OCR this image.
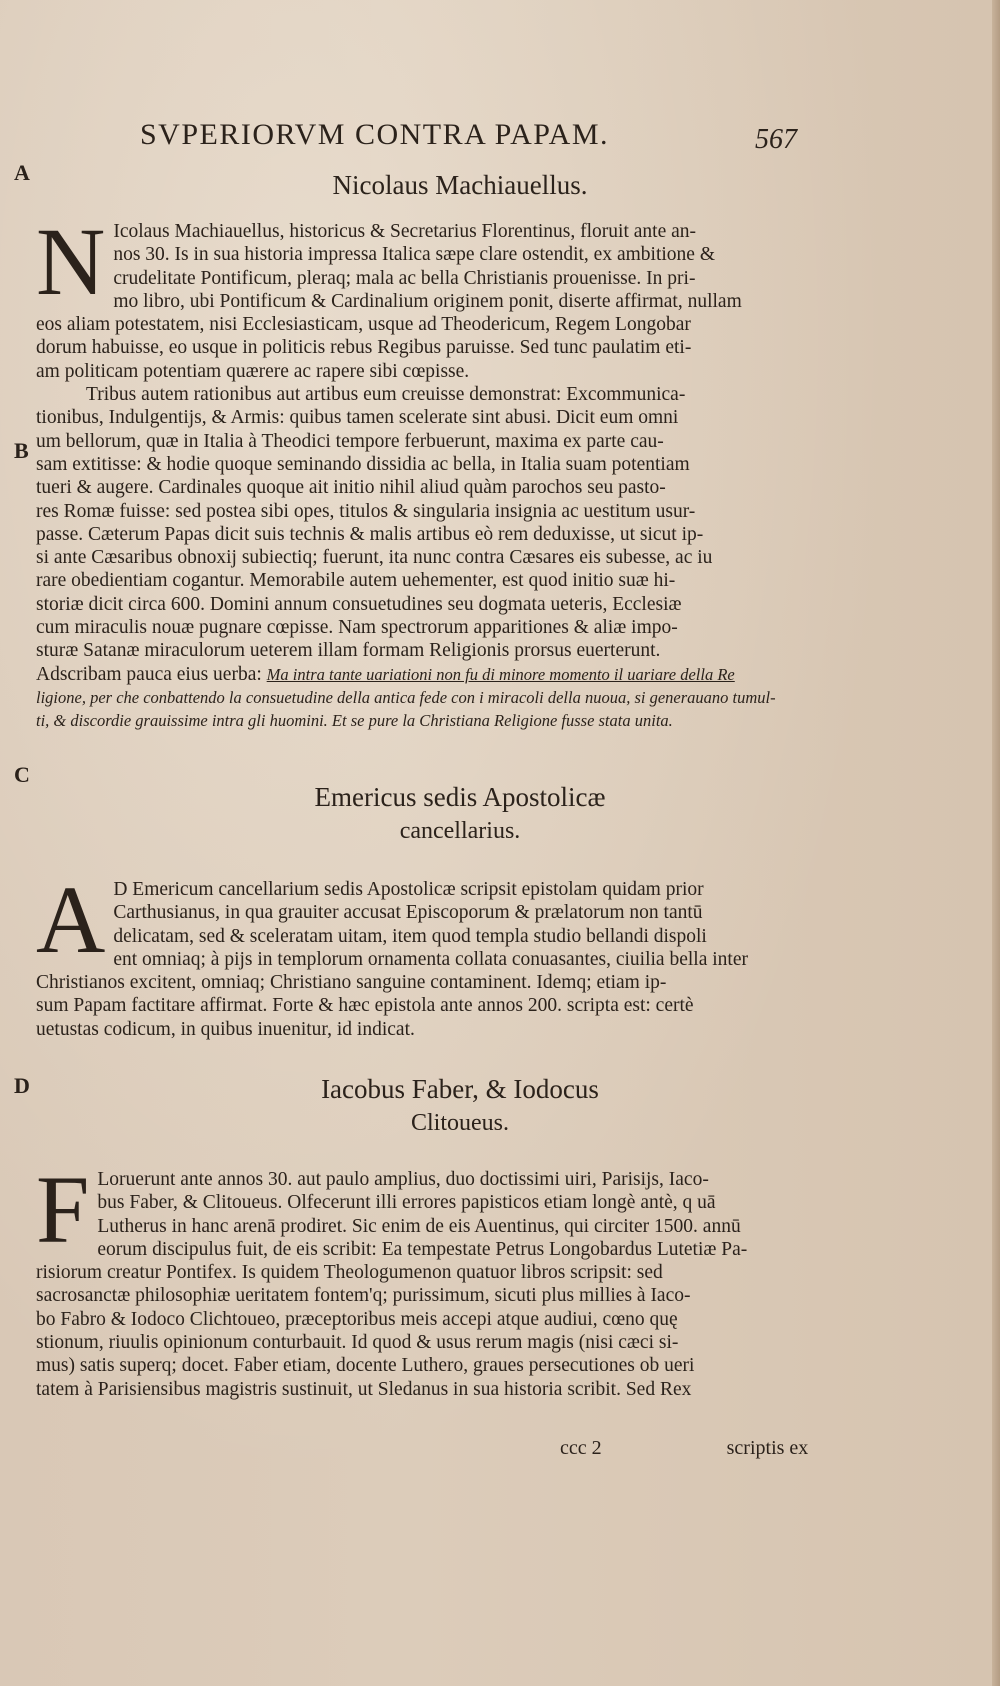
SVPERIORVM CONTRA PAPAM.	567
A
B
C
D
Nicolaus Machiauellus.
N Icolaus Machiauellus, historicus & Secretarius Florentinus, floruit ante an-
nos 30. Is in sua historia impressa Italica sæpe clare ostendit, ex ambitione &
crudelitate Pontificum, pleraq; mala ac bella Christianis prouenisse. In pri-
mo libro, ubi Pontificum & Cardinalium originem ponit, diserte affirmat, nullam
eos aliam potestatem, nisi Ecclesiasticam, usque ad Theodericum, Regem Longobar
dorum habuisse, eo usque in politicis rebus Regibus paruisse. Sed tunc paulatim eti-
am politicam potentiam quærere ac rapere sibi cœpisse.
Tribus autem rationibus aut artibus eum creuisse demonstrat: Excommunica-
tionibus, Indulgentijs, & Armis: quibus tamen scelerate sint abusi. Dicit eum omni
um bellorum, quæ in Italia à Theodici tempore ferbuerunt, maxima ex parte cau-
sam extitisse: & hodie quoque seminando dissidia ac bella, in Italia suam potentiam
tueri & augere. Cardinales quoque ait initio nihil aliud quàm parochos seu pasto-
res Romæ fuisse: sed postea sibi opes, titulos & singularia insignia ac uestitum usur-
passe. Cæterum Papas dicit suis technis & malis artibus eò rem deduxisse, ut sicut ip-
si ante Cæsaribus obnoxij subiectiq; fuerunt, ita nunc contra Cæsares eis subesse, ac iu
rare obedientiam cogantur. Memorabile autem uehementer, est quod initio suæ hi-
storiæ dicit circa 600. Domini annum consuetudines seu dogmata ueteris, Ecclesiæ
cum miraculis nouæ pugnare cœpisse. Nam spectrorum apparitiones & aliæ impo-
sturæ Satanæ miraculorum ueterem illam formam Religionis prorsus euerterunt.
Adscribam pauca eius uerba: Ma intra tante uariationi non fu di minore momento il uariare della Re
ligione, per che conbattendo la consuetudine della antica fede con i miracoli della nuoua, si generauano tumul-
ti, & discordie grauissime intra gli huomini. Et se pure la Christiana Religione fusse stata unita.
Emericus sedis Apostolicæ
cancellarius.
A D Emericum cancellarium sedis Apostolicæ scripsit epistolam quidam prior
Carthusianus, in qua grauiter accusat Episcoporum & prælatorum non tantū
delicatam, sed & sceleratam uitam, item quod templa studio bellandi dispoli
ent omniaq; à pijs in templorum ornamenta collata conuasantes, ciuilia bella inter
Christianos excitent, omniaq; Christiano sanguine contaminent. Idemq; etiam ip-
sum Papam factitare affirmat. Forte & hæc epistola ante annos 200. scripta est: certè
uetustas codicum, in quibus inuenitur, id indicat.
Iacobus Faber, & Iodocus
Clitoueus.
F Loruerunt ante annos 30. aut paulo amplius, duo doctissimi uiri, Parisijs, Iaco-
bus Faber, & Clitoueus. Olfecerunt illi errores papisticos etiam longè antè, q uā
Lutherus in hanc arenā prodiret. Sic enim de eis Auentinus, qui circiter 1500. annū
eorum discipulus fuit, de eis scribit: Ea tempestate Petrus Longobardus Lutetiæ Pa-
risiorum creatur Pontifex. Is quidem Theologumenon quatuor libros scripsit: sed
sacrosanctæ philosophiæ ueritatem fontem'q; purissimum, sicuti plus millies à Iaco-
bo Fabro & Iodoco Clichtoueo, præceptoribus meis accepi atque audiui, cœno quę
stionum, riuulis opinionum conturbauit. Id quod & usus rerum magis (nisi cæci si-
mus) satis superq; docet. Faber etiam, docente Luthero, graues persecutiones ob ueri
tatem à Parisiensibus magistris sustinuit, ut Sledanus in sua historia scribit. Sed Rex
ccc 2	scriptis ex
